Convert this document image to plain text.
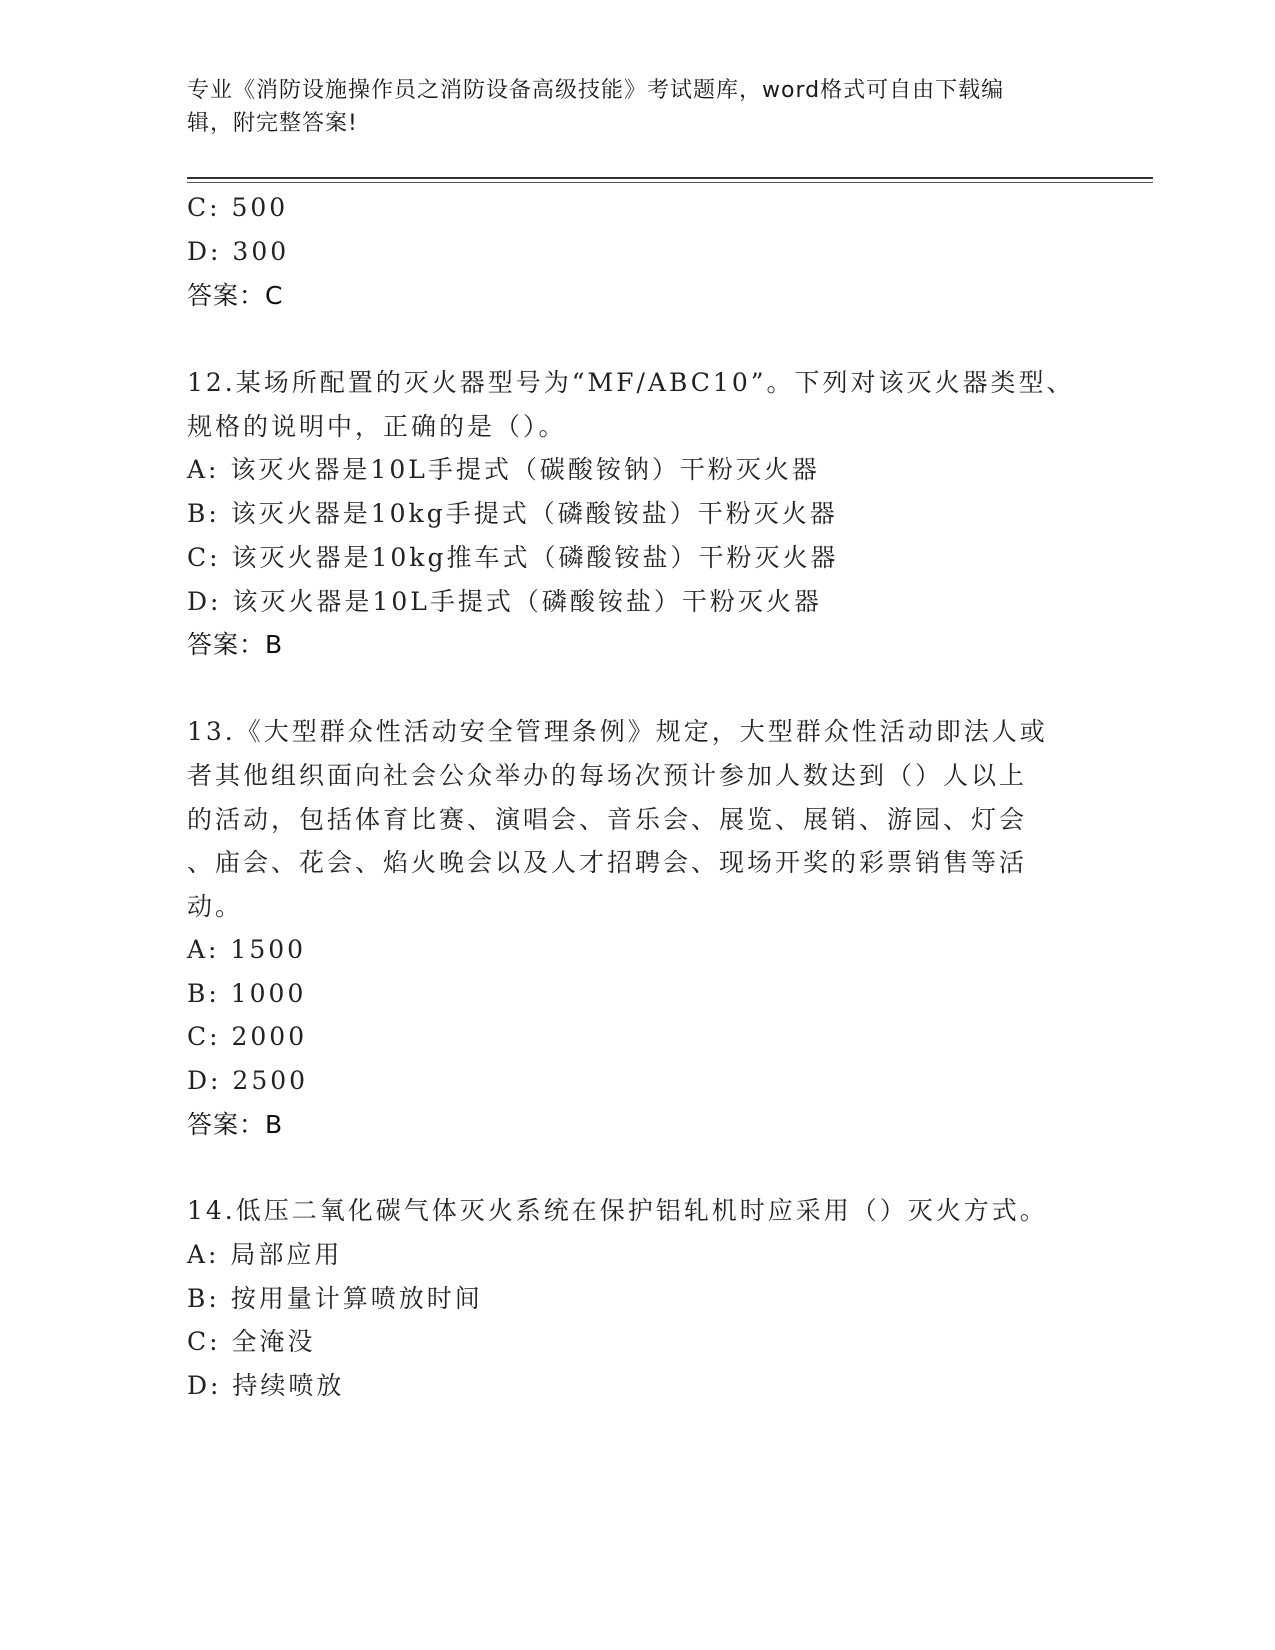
专业《消防设施操作员之消防设备高级技能》考试题库，word格式可自由下载编
辑，附完整答案!
C: 500
D: 300
答案：C
12.某场所配置的灭火器型号为“MF/ABC10”。下列对该灭火器类型、
规格的说明中，正确的是（）。
A: 该灭火器是10L手提式（碳酸铵钠）干粉灭火器
B: 该灭火器是10kg手提式（磷酸铵盐）干粉灭火器
C: 该灭火器是10kg推车式（磷酸铵盐）干粉灭火器
D: 该灭火器是10L手提式（磷酸铵盐）干粉灭火器
答案：B
13.《大型群众性活动安全管理条例》规定，大型群众性活动即法人或
者其他组织面向社会公众举办的每场次预计参加人数达到（）人以上
的活动，包括体育比赛、演唱会、音乐会、展览、展销、游园、灯会
、庙会、花会、焰火晚会以及人才招聘会、现场开奖的彩票销售等活
动。
A: 1500
B: 1000
C: 2000
D: 2500
答案：B
14.低压二氧化碳气体灭火系统在保护铝轧机时应采用（）灭火方式。
A: 局部应用
B: 按用量计算喷放时间
C: 全淹没
D: 持续喷放
